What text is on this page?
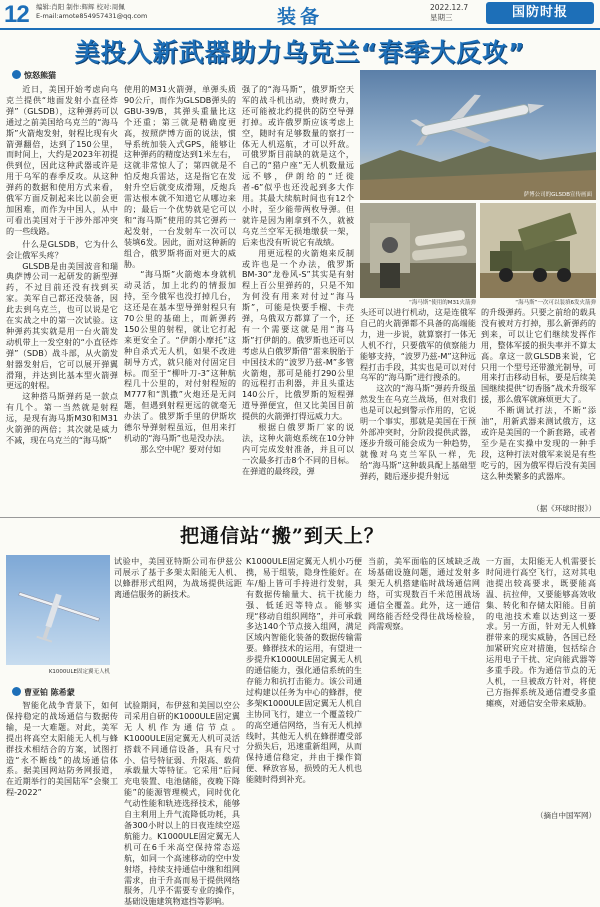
12 编辑:肖阳 制作:辉辉 校对:周佩
E-mail:amote854957431@qq.com	装备	2022.12.7
星期三	国防时报
美投入新武器助力乌克兰“春季大反攻”
惊怒熊猫

近日，美国开始考虑向乌克兰提供“地面发射小直径炸弹”（GLSDB），这种弹药可以通过之前美国给乌克兰的“海马斯”火箭炮发射，射程比现有火箭弹翻倍，达到了150公里，而时间上，大约是2023年初提供到位，因此这种武器或许是用于乌军的春季反攻。从这种弹药的数据和使用方式来看，俄军方面反制起来比以前会更加困难，而作为中国人，从中可看出美国对于干涉外部冲突的一些线路。

什么是GLSDB，它为什么会让俄军头疼？

GLSDB是由美国波音和瑞典萨博公司一起研发的新型弹药，不过目前还没有找到买家。美军自己都还没装备，因此去到乌克兰，也可以说是它在实战之中的第一次试验。这种弹药其实就是用一台火箭发动机带上一发空射的“小直径炸弹”（SDB）战斗部，从火箭发射器发射后，它可以展开弹翼滑翔，并达到比基本型火箭弹更远的射程。

这种搭马斯弹药是一款点有几个。第一当然就是射程远，是现有海马斯M30和M31火箭弹的两倍；其次就是威力不减，现在乌克兰的“海马斯”

使用的M31火箭弹，单弹头质90公斤，而作为GLSDB弹头的GBU-39/B，其弹头重量比这个还重；第三就是精确度更高，按照萨博方面的说法，惯导系统加装入式GPS，能够让这种弹药的精度达到1米左右，这就非常惊人了；第四就是不怕反炮兵雷达，这是指它在发射升空后就变成滑翔，反炮兵雷达根本就不知道它从哪边来的；最后一个优势就是它可以和“海马斯”使用的其它弹药一起发射，一台发射车一次可以装填6发。因此，面对这种新的组合，俄罗斯将面对更大的威胁。

“海马斯”火箭炮本身就机动灵活，加上北约的情报加持，至今俄军也没打掉几台，这还是在基本型导弹射程只有70公里的基础上，而新弹药150公里的射程，就让它打起来更安全了。“伊朗小摩托”这种自杀式无人机，如果不改进制导方式，就只能对付固定目标。而至于“柳叶刀-3”这种航程几十公里的，对付射程短的M777和“凯撒”火炮还是无问题，但遇到射程更远的就毫无办法了。俄罗斯手里的伊斯坎德尔导弹射程虽远，但用来打机动的“海马斯”也是没办法。

那么空中呢？要对付如

强了的“海马斯”，俄罗斯空天军的战斗机出动，费时费力，还可能被北约提供的防空导弹打掉。或许俄罗斯应该考虑上空，随时有足够数量的察打一体无人机巡航，才可以歼敌。可俄罗斯目前缺的就是这个，自己的“猎户座”无人机数量远远不够，伊朗给的“迁徙者-6”似乎也还没起到多大作用。其最大续航时间也有12个小时，至少能带两枚导弹。但就许是因为刚拿到不久，就被乌克兰空军无损地缴获一架，后来也没有听说它有战绩。

用更远程的火箭炮来反制或许也是一个办法，俄罗斯BM-30“龙卷风-S”其实是有射程上百公里弹药的，只是不知为何没有用来对付过“海马斯”，可能是快要手榴、卡壳弹，乌俄双方都算了一个，还有一个需要这就是用“海马斯”打伊朗的。俄罗斯也还可以考虑从白俄罗斯借“雷来脱胎于中国技术的“波罗乃兹-M”多管火箭炮，那可是能打290公里的远程打击利器，并且头重达140公斤，比俄罗斯的短程弹道导弹便宜，但又比美国目前提供的火箭弹打得远威力大。

根据白俄罗斯厂家的说法，这种火箭炮系统在10分钟内可完成发射准备，并且可以一次最多打击8个不同的目标。在弹道的最终段，弹

萨博公司的GLSDB宣传画面
“海马斯”使用的M31火箭弹	“海马斯”一次可以装填6发火箭弹

头还可以进行机动，这是连俄军自己的火箭弹都不具备的高端能力，进一步说，就算察打一体无人机不行，只要俄军的侦察能力能够支持，“波罗乃兹-M”这种远程打击手段，其实也是可以对付乌军的“海马斯”进行搜杀的。

这次的“海马斯”弹药升级虽然发生在乌克兰战场，但对我们也是可以起到警示作用的，它说明一个事实，那就是美国在于预外部冲突时，分阶段提供武器，逐步升级可能会成为一种趋势，就像对乌克兰军队一样，先给“海马斯”这种载具配上基础型弹药，随后逐步提升射远

的升级弹药。只要之前给的载具没有被对方打掉，那么新弹药的到来，可以让它们继续发挥作用，整体军援的损失率并不算太高。拿这一款GLSDB来说，它只用一个型号还带激光制导，可用来打击移动目标，要是后续美国继续提供“切香肠”战术升级军援，那么俄军就麻烦更大了。

不断调试打法，不断“添油”，用新武器来测试俄方，这或许是美国的一个新套路，或者至少是在实操中发现的一种手段，这种打法对俄军来说是有些吃亏的，因为俄军得后没有美国这么种类繁多的武器库。

（据《环球时报》）
把通信站“搬”到天上？
K1000ULE固定翼无人机
曹亚铂 陈希蒙

试验中，美国亚特斯公司布伊兹公司展示了基于多架太阳能无人机、以蜂群形式组网，为战场提供远距离通信服务的新技术。

智能化战争背景下，如何保持稳定的战场通信与数据传输，是一大难题。对此，美军提出将高空太阳能无人机与蜂群技术相结合的方案，试图打造“永不断线”的战场通信体系。据美国网站防务网报道，在近期举行的美国陆军“会聚工程-2022”

试验期间，布伊兹和美国以空公司采用自研的K1000ULE固定翼无人机作为通信节点。K1000ULE固定翼无人机可灵活搭载不同通信设备，具有尺寸小、信号特征弱、升限高、载荷承载量大等特征。它采用“后间充电装置、电池储能，夜晚下降能”的能源管理模式，同时优化气动性能和轨迹选择技术，能够自主利用上升气流降低功耗，具备300小时以上的日夜连续空巡航能力。K1000ULE固定翼无人机可在6千米高空保持常态巡航，如同一个高速移动的空中发射塔，持续支持通信中继和组网需求，由于升高而易于提供网络服务，几乎不需要专业的操作，基础设施建筑物遮挡等影响。

K1000ULE固定翼无人机小巧便携，易于组装，隐身性能好。在车/船上皆可手持进行发射，具有数据传输量大、抗干扰能力强、低延迟等特点。能够实现“移动自组织网络”，并可承载多达140个节点接入组网，满足区域内智能化装备的数据传输需要。蜂群技术的运用，有望进一步提升K1000ULE固定翼无人机的通信能力，强化通信系统的生存能力和抗打击能力。该公司通过构建以任务为中心的蜂群，使多架K1000ULE固定翼无人机自主协同飞行，建立一个覆盖较广的高空通信网络，当有无人机掉线时，其他无人机在蜂群遭受部分损失后，迅速重新组网，从而保持通信稳定，并由于操作简便、释放容易，损毁的无人机也能随时得到补充。

当前，美军面临的区域缺乏战场基础设施问题，通过发射多架无人机搭建临时战场通信网络，可实现数百千米范围战场通信全覆盖。此外，这一通信网络能否经受得住战场检验，尚需观察。

一方面，太阳能无人机需要长时间进行高空飞行，这对其电池提出较高要求，既要能高温、抗拉伸，又要能够高效收集、转化和存储太阳能。目前的电池技术难以达到这一要求。另一方面，针对无人机蜂群带来的现实威胁，各国已经加紧研究应对措施，包括综合运用电子干扰、定向能武器等多重手段。作为通信节点的无人机，一旦被敌方针对，将使己方指挥系统及通信遭受多重瘫痪，对通信安全带来威胁。

（摘自中国军网）
